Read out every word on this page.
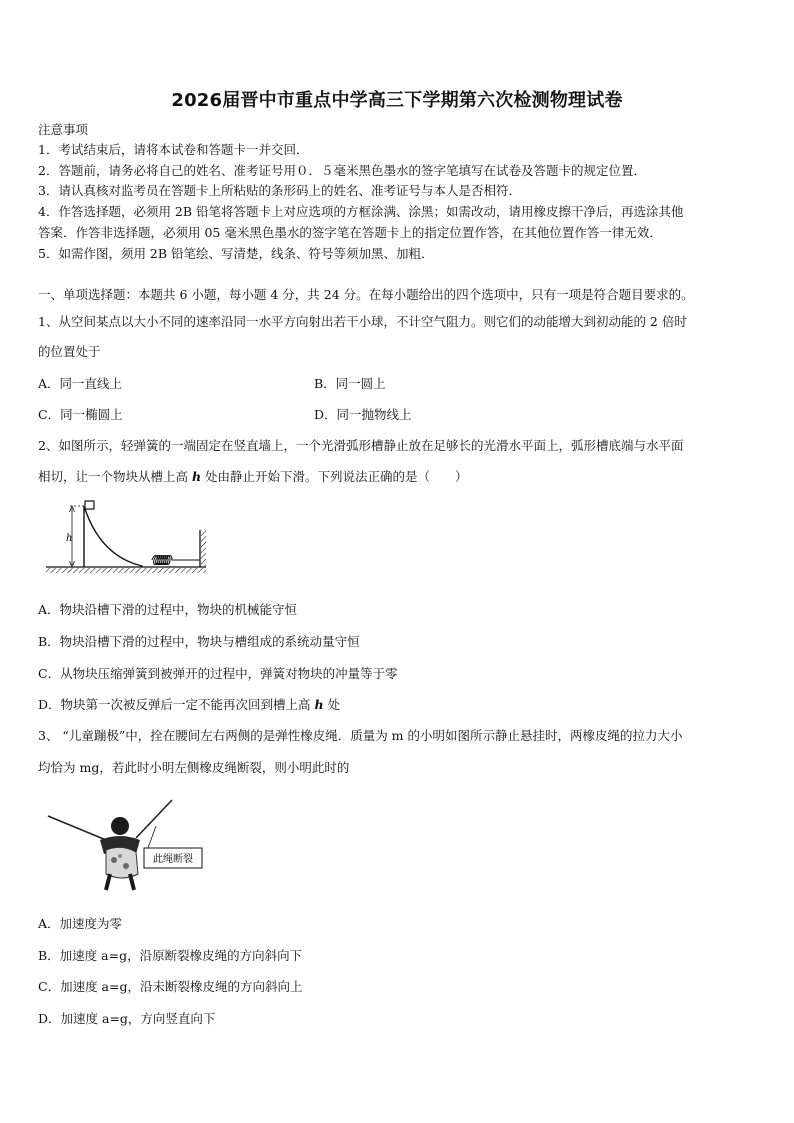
2026届晋中市重点中学高三下学期第六次检测物理试卷
注意事项
1．考试结束后，请将本试卷和答题卡一并交回．
2．答题前，请务必将自己的姓名、准考证号用０．５毫米黑色墨水的签字笔填写在试卷及答题卡的规定位置．
3．请认真核对监考员在答题卡上所粘贴的条形码上的姓名、准考证号与本人是否相符．
4．作答选择题，必须用 2B 铅笔将答题卡上对应选项的方框涂满、涂黑；如需改动，请用橡皮擦干净后，再选涂其他
答案．作答非选择题，必须用 05 毫米黑色墨水的签字笔在答题卡上的指定位置作答，在其他位置作答一律无效．
5．如需作图，须用 2B 铅笔绘、写清楚，线条、符号等须加黑、加粗．
一、单项选择题：本题共 6 小题，每小题 4 分，共 24 分。在每小题给出的四个选项中，只有一项是符合题目要求的。
1、从空间某点以大小不同的速率沿同一水平方向射出若干小球，不计空气阻力。则它们的动能增大到初动能的 2 倍时
的位置处于
A．同一直线上	B．同一圆上
C．同一椭圆上	D．同一抛物线上
2、如图所示，轻弹簧的一端固定在竖直墙上，一个光滑弧形槽静止放在足够长的光滑水平面上，弧形槽底端与水平面
相切，让一个物块从槽上高 h 处由静止开始下滑。下列说法正确的是（　　）
h
A．物块沿槽下滑的过程中，物块的机械能守恒
B．物块沿槽下滑的过程中，物块与槽组成的系统动量守恒
C．从物块压缩弹簧到被弹开的过程中，弹簧对物块的冲量等于零
D．物块第一次被反弹后一定不能再次回到槽上高 h 处
3、 “儿童蹦极”中，拴在腰间左右两侧的是弹性橡皮绳．质量为 m 的小明如图所示静止悬挂时，两橡皮绳的拉力大小
均恰为 mg，若此时小明左侧橡皮绳断裂，则小明此时的
此绳断裂
A．加速度为零
B．加速度 a=g，沿原断裂橡皮绳的方向斜向下
C．加速度 a=g，沿未断裂橡皮绳的方向斜向上
D．加速度 a=g，方向竖直向下
